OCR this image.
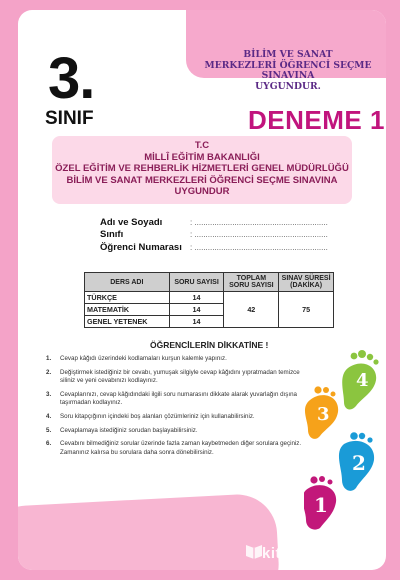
BİLİM VE SANAT
MERKEZLERİ ÖĞRENCİ SEÇME SINAVINA
UYGUNDUR.
3.
SINIF	DENEME 1
T.C
MİLLÎ EĞİTİM BAKANLIĞI
ÖZEL EĞİTİM VE REHBERLİK HİZMETLERİ GENEL MÜDÜRLÜĞÜ
BİLİM VE SANAT MERKEZLERİ ÖĞRENCİ SEÇME SINAVINA
UYGUNDUR
Adı ve Soyadı	: ............................................................
Sınıfı	: ............................................................
Öğrenci Numarası	: ............................................................
DERS ADI	SORU SAYISI	TOPLAM SORU SAYISI	SINAV SÜRESİ (DAKİKA)
TÜRKÇE	14	42	75
MATEMATİK	14		
GENEL YETENEK	14		
ÖĞRENCİLERİN DİKKATİNE !
1.	Cevap kâğıdı üzerindeki kodlamaları kurşun kalemle yapınız.
2.	Değiştirmek istediğiniz bir cevabı, yumuşak silgiyle cevap kâğıdını yıpratmadan temizce siliniz ve yeni cevabınızı kodlayınız.
3.	Cevaplarınızı, cevap kâğıdındaki ilgili soru numarasını dikkate alarak yuvarlağın dışına taşırmadan kodlayınız.
4.	Soru kitapçığının içindeki boş alanları çözümleriniz için kullanabilirsiniz.
5.	Cevaplamaya istediğiniz sorudan başlayabilirsiniz.
6.	Cevabını bilmediğiniz sorular üzerinde fazla zaman kaybetmeden diğer sorulara geçiniz. Zamanınız kalırsa bu sorulara daha sonra dönebilirsiniz.
4
3
2
1
kitapsec
